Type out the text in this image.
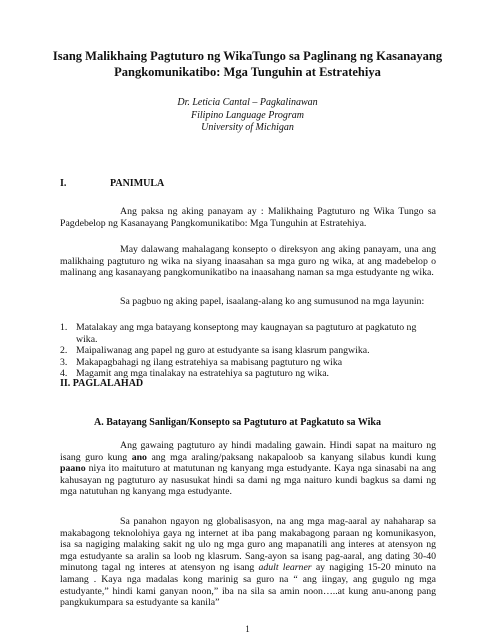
Isang Malikhaing Pagtuturo ng WikaTungo sa Paglinang ng Kasanayang Pangkomunikatibo: Mga Tunguhin at Estratehiya
Dr. Leticia Cantal – Pagkalinawan
Filipino Language Program
University of Michigan
I.	PANIMULA

Ang paksa ng aking panayam ay : Malikhaing Pagtuturo ng Wika Tungo sa Pagdebelop ng Kasanayang Pangkomunikatibo: Mga Tunguhin at Estratehiya.

May dalawang mahalagang konsepto o direksyon ang aking panayam, una ang malikhaing pagtuturo ng wika na siyang inaasahan sa mga guro ng wika, at ang madebelop o malinang ang kasanayang pangkomunikatibo na inaasahang naman sa mga estudyante ng wika.

Sa pagbuo ng aking papel, isaalang-alang ko ang sumusunod na mga layunin:

1. Matalakay ang mga batayang konseptong may kaugnayan sa pagtuturo at pagkatuto ng wika.
2. Maipaliwanag ang papel ng guro at estudyante sa isang klasrum pangwika.
3. Makapagbahagi ng ilang estratehiya sa mabisang pagtuturo ng wika
4. Magamit ang mga tinalakay na estratehiya sa pagtuturo ng wika.
II. PAGLALAHAD
A. Batayang Sanligan/Konsepto sa Pagtuturo at Pagkatuto sa Wika

Ang gawaing pagtuturo ay hindi madaling gawain. Hindi sapat na maituro ng isang guro kung ano ang mga araling/paksang nakapaloob sa kanyang silabus kundi kung paano niya ito maituturo at matutunan ng kanyang mga estudyante. Kaya nga sinasabi na ang kahusayan ng pagtuturo ay nasusukat hindi sa dami ng mga naituro kundi bagkus sa dami ng mga natutuhan ng kanyang mga estudyante.

Sa panahon ngayon ng globalisasyon, na ang mga mag-aaral ay nahaharap sa makabagong teknolohiya gaya ng internet at iba pang makabagong paraan ng komunikasyon, isa sa nagiging malaking sakit ng ulo ng mga guro ang mapanatili ang interes at atensyon ng mga estudyante sa aralin sa loob ng klasrum. Sang-ayon sa isang pag-aaral, ang dating 30-40 minutong tagal ng interes at atensyon ng isang adult learner ay nagiging 15-20 minuto na lamang . Kaya nga madalas kong marinig sa guro na “ ang iingay, ang gugulo ng mga estudyante,” hindi kami ganyan noon,” iba na sila sa amin noon…..at kung anu-anong pang pangkukumpara sa estudyante sa kanila”

1
